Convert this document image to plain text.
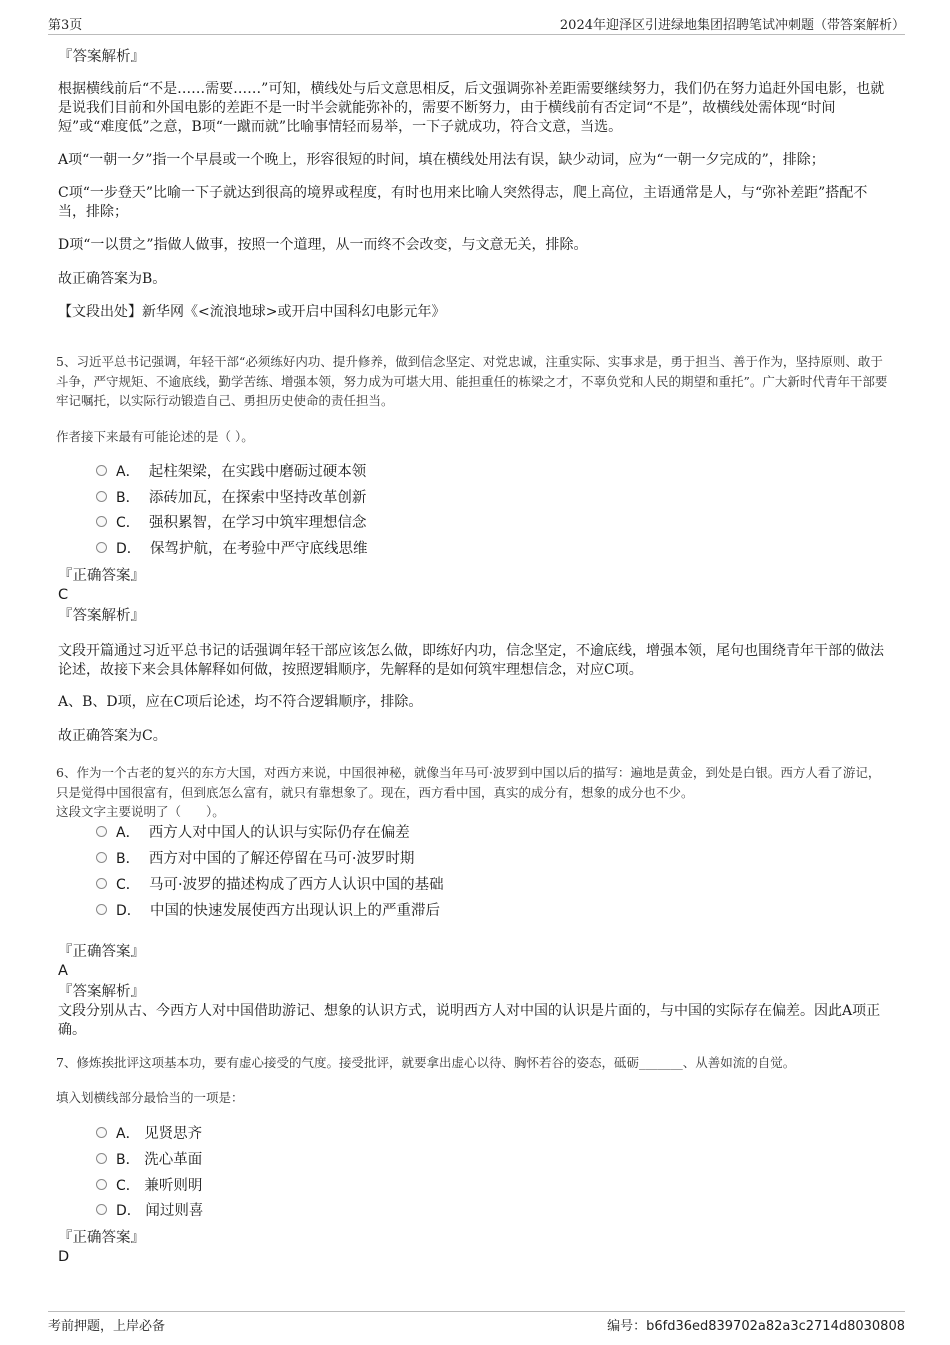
第3页	2024年迎泽区引进绿地集团招聘笔试冲刺题（带答案解析）
『答案解析』
根据横线前后“不是……需要……”可知，横线处与后文意思相反，后文强调弥补差距需要继续努力，我们仍在努力追赶外国电影，也就是说我们目前和外国电影的差距不是一时半会就能弥补的，需要不断努力，由于横线前有否定词“不是”，故横线处需体现“时间短”或“难度低”之意，B项“一蹴而就”比喻事情轻而易举，一下子就成功，符合文意，当选。
A项“一朝一夕”指一个早晨或一个晚上，形容很短的时间，填在横线处用法有误，缺少动词，应为“一朝一夕完成的”，排除；
C项“一步登天”比喻一下子就达到很高的境界或程度，有时也用来比喻人突然得志，爬上高位，主语通常是人，与“弥补差距”搭配不当，排除；
D项“一以贯之”指做人做事，按照一个道理，从一而终不会改变，与文意无关，排除。
故正确答案为B。
【文段出处】新华网《<流浪地球>或开启中国科幻电影元年》
5、习近平总书记强调，年轻干部“必须练好内功、提升修养，做到信念坚定、对党忠诚，注重实际、实事求是，勇于担当、善于作为，坚持原则、敢于斗争，严守规矩、不逾底线，勤学苦练、增强本领，努力成为可堪大用、能担重任的栋梁之才，不辜负党和人民的期望和重托”。广大新时代青年干部要牢记嘱托，以实际行动锻造自己、勇担历史使命的责任担当。
作者接下来最有可能论述的是（ ）。
A． 起柱架梁，在实践中磨砺过硬本领
B． 添砖加瓦，在探索中坚持改革创新
C． 强积累智，在学习中筑牢理想信念
D． 保驾护航，在考验中严守底线思维
『正确答案』
C
『答案解析』
文段开篇通过习近平总书记的话强调年轻干部应该怎么做，即练好内功，信念坚定，不逾底线，增强本领，尾句也围绕青年干部的做法论述，故接下来会具体解释如何做，按照逻辑顺序，先解释的是如何筑牢理想信念，对应C项。
A、B、D项，应在C项后论述，均不符合逻辑顺序，排除。
故正确答案为C。
6、作为一个古老的复兴的东方大国，对西方来说，中国很神秘，就像当年马可·波罗到中国以后的描写：遍地是黄金，到处是白银。西方人看了游记，只是觉得中国很富有，但到底怎么富有，就只有靠想象了。现在，西方看中国，真实的成分有，想象的成分也不少。
这段文字主要说明了（　　）。
A． 西方人对中国人的认识与实际仍存在偏差
B． 西方对中国的了解还停留在马可·波罗时期
C． 马可·波罗的描述构成了西方人认识中国的基础
D． 中国的快速发展使西方出现认识上的严重滞后
『正确答案』
A
『答案解析』
文段分别从古、今西方人对中国借助游记、想象的认识方式，说明西方人对中国的认识是片面的，与中国的实际存在偏差。因此A项正确。
7、修炼挨批评这项基本功，要有虚心接受的气度。接受批评，就要拿出虚心以待、胸怀若谷的姿态，砥砺_______、从善如流的自觉。
填入划横线部分最恰当的一项是：
A． 见贤思齐
B． 洗心革面
C． 兼听则明
D． 闻过则喜
『正确答案』
D
考前押题，上岸必备	编号：b6fd36ed839702a82a3c2714d8030808
